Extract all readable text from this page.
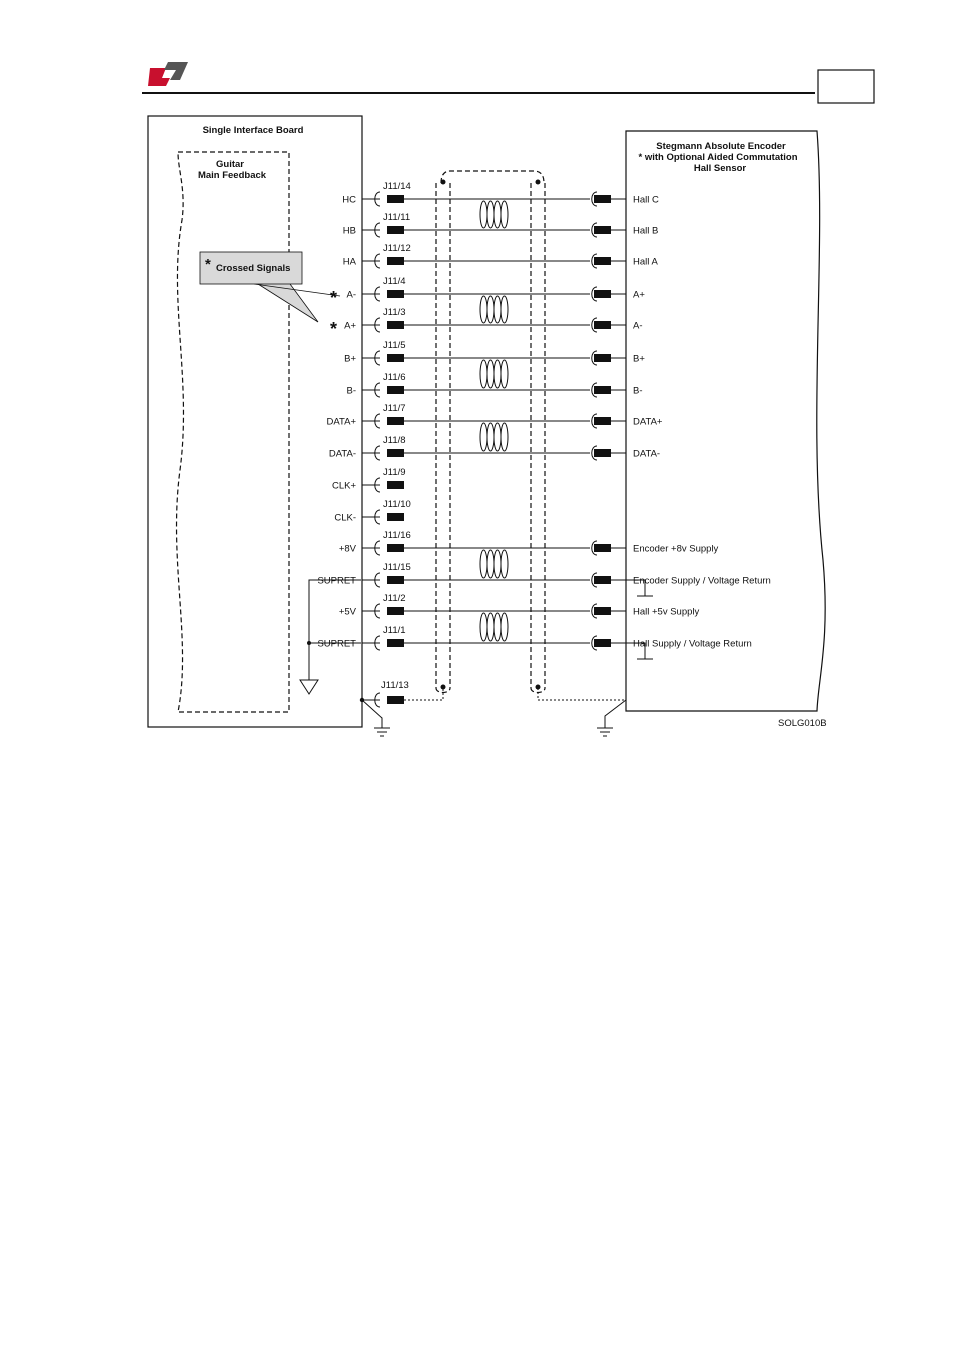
Single Interface Board
Guitar
Main Feedback
Stegmann Absolute Encoder
* with Optional Aided Commutation
Hall Sensor
* Crossed Signals
*
*
HC
J11/14
Hall C
HB
J11/11
Hall B
HA
J11/12
Hall A
A-
J11/4
A+
A+
J11/3
A-
B+
J11/5
B+
B-
J11/6
B-
DATA+
J11/7
DATA+
DATA-
J11/8
DATA-
CLK+
J11/9
CLK-
J11/10
+8V
J11/16
Encoder +8v Supply
SUPRET
J11/15
Encoder Supply / Voltage Return
+5V
J11/2
Hall +5v Supply
SUPRET
J11/1
Hall Supply / Voltage Return
J11/13
SOLG010B
